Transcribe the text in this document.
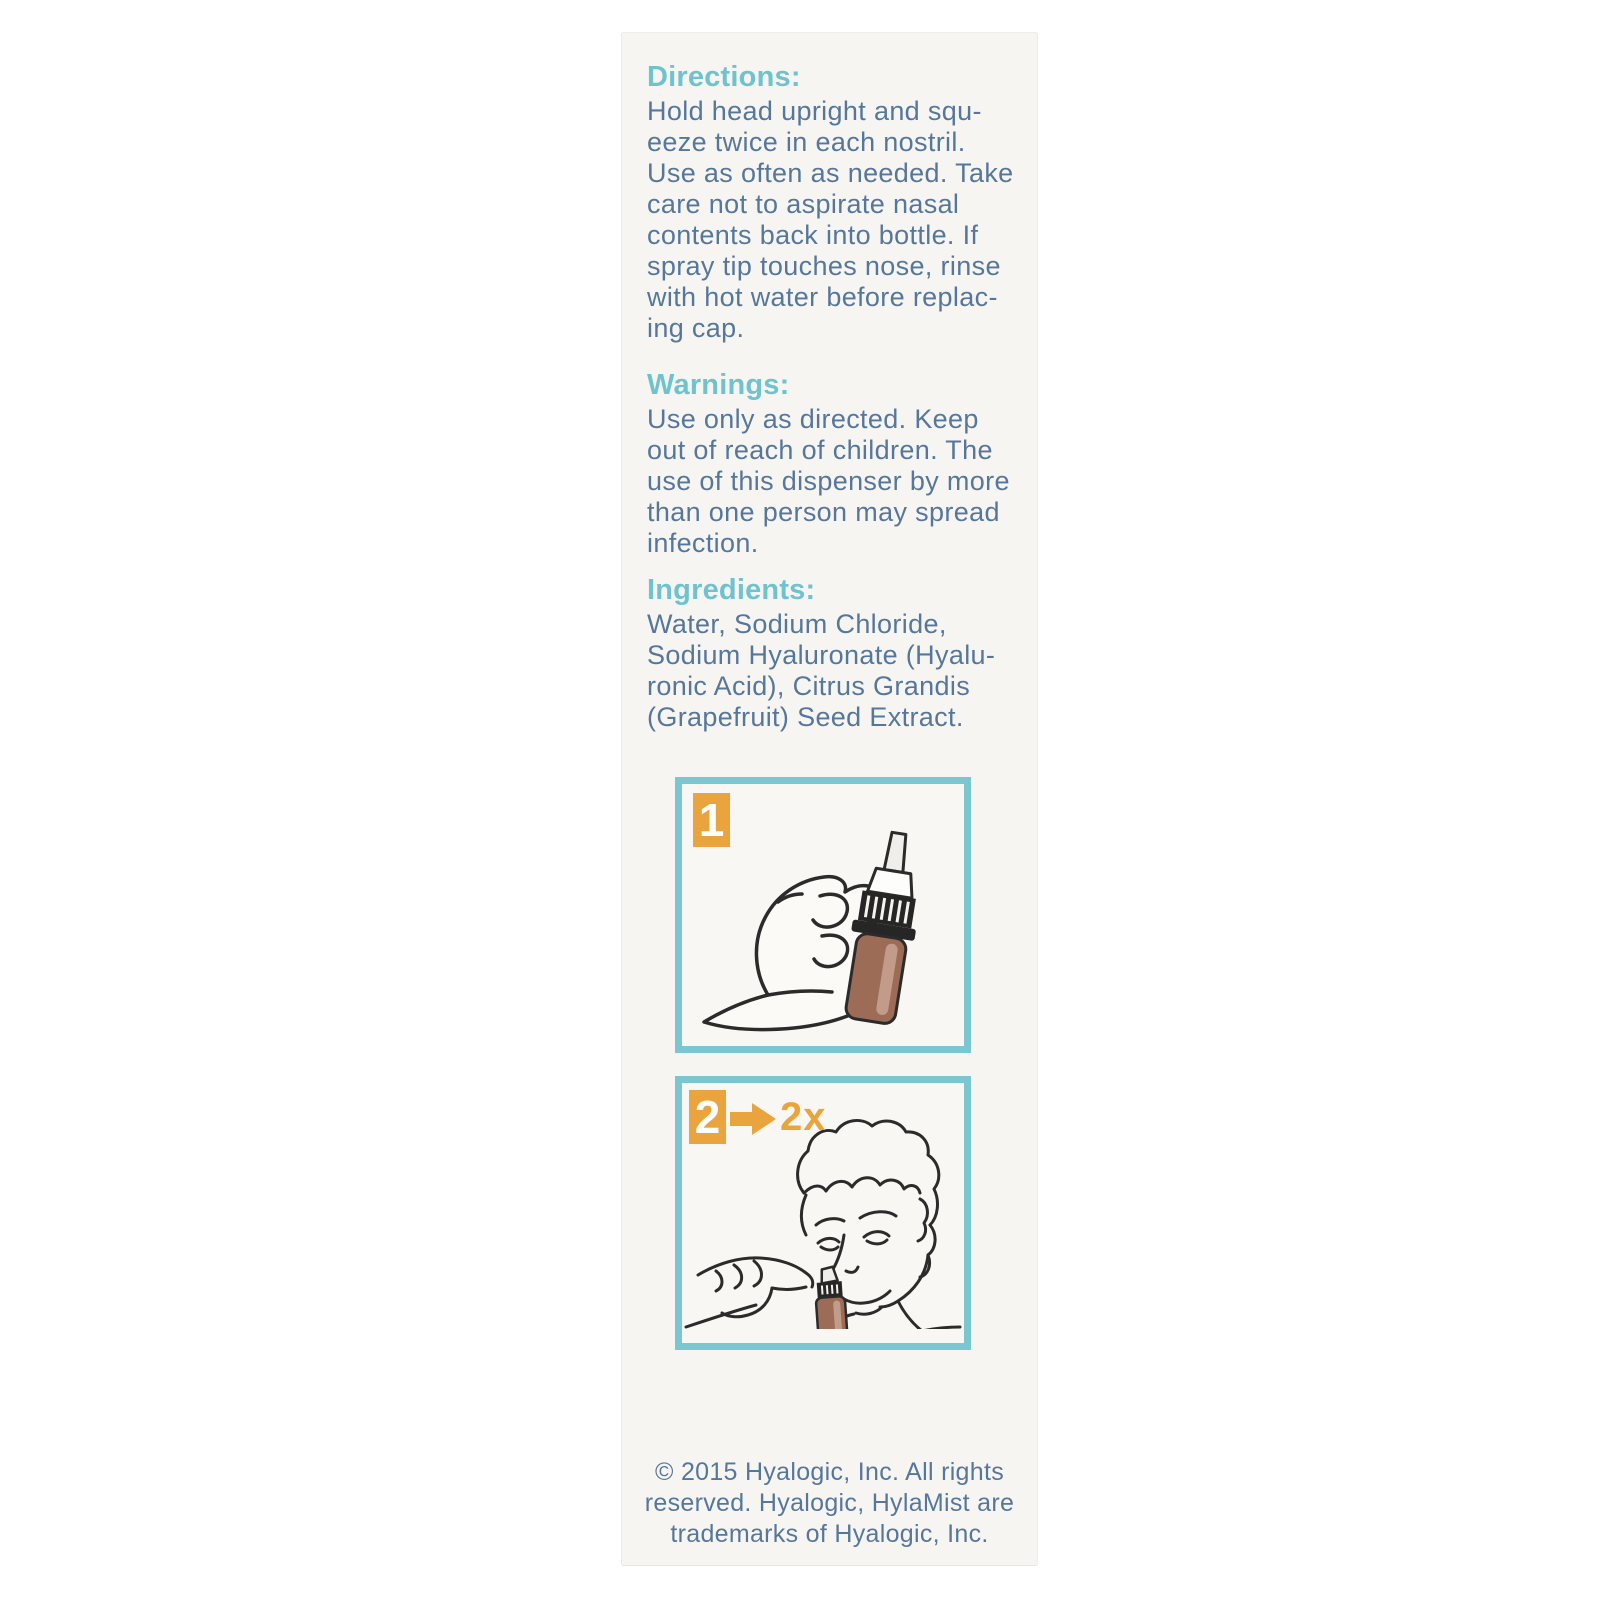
Directions:
Hold head upright and squ-
eeze twice in each nostril.
Use as often as needed. Take
care not to aspirate nasal
contents back into bottle. If
spray tip touches nose, rinse
with hot water before replac-
ing cap.
Warnings:
Use only as directed. Keep
out of reach of children. The
use of this dispenser by more
than one person may spread
infection.
Ingredients:
Water, Sodium Chloride,
Sodium Hyaluronate (Hyalu-
ronic Acid), Citrus Grandis
(Grapefruit) Seed Extract.
1
2 2x
© 2015 Hyalogic, Inc. All rights
reserved. Hyalogic, HylaMist are
trademarks of Hyalogic, Inc.
